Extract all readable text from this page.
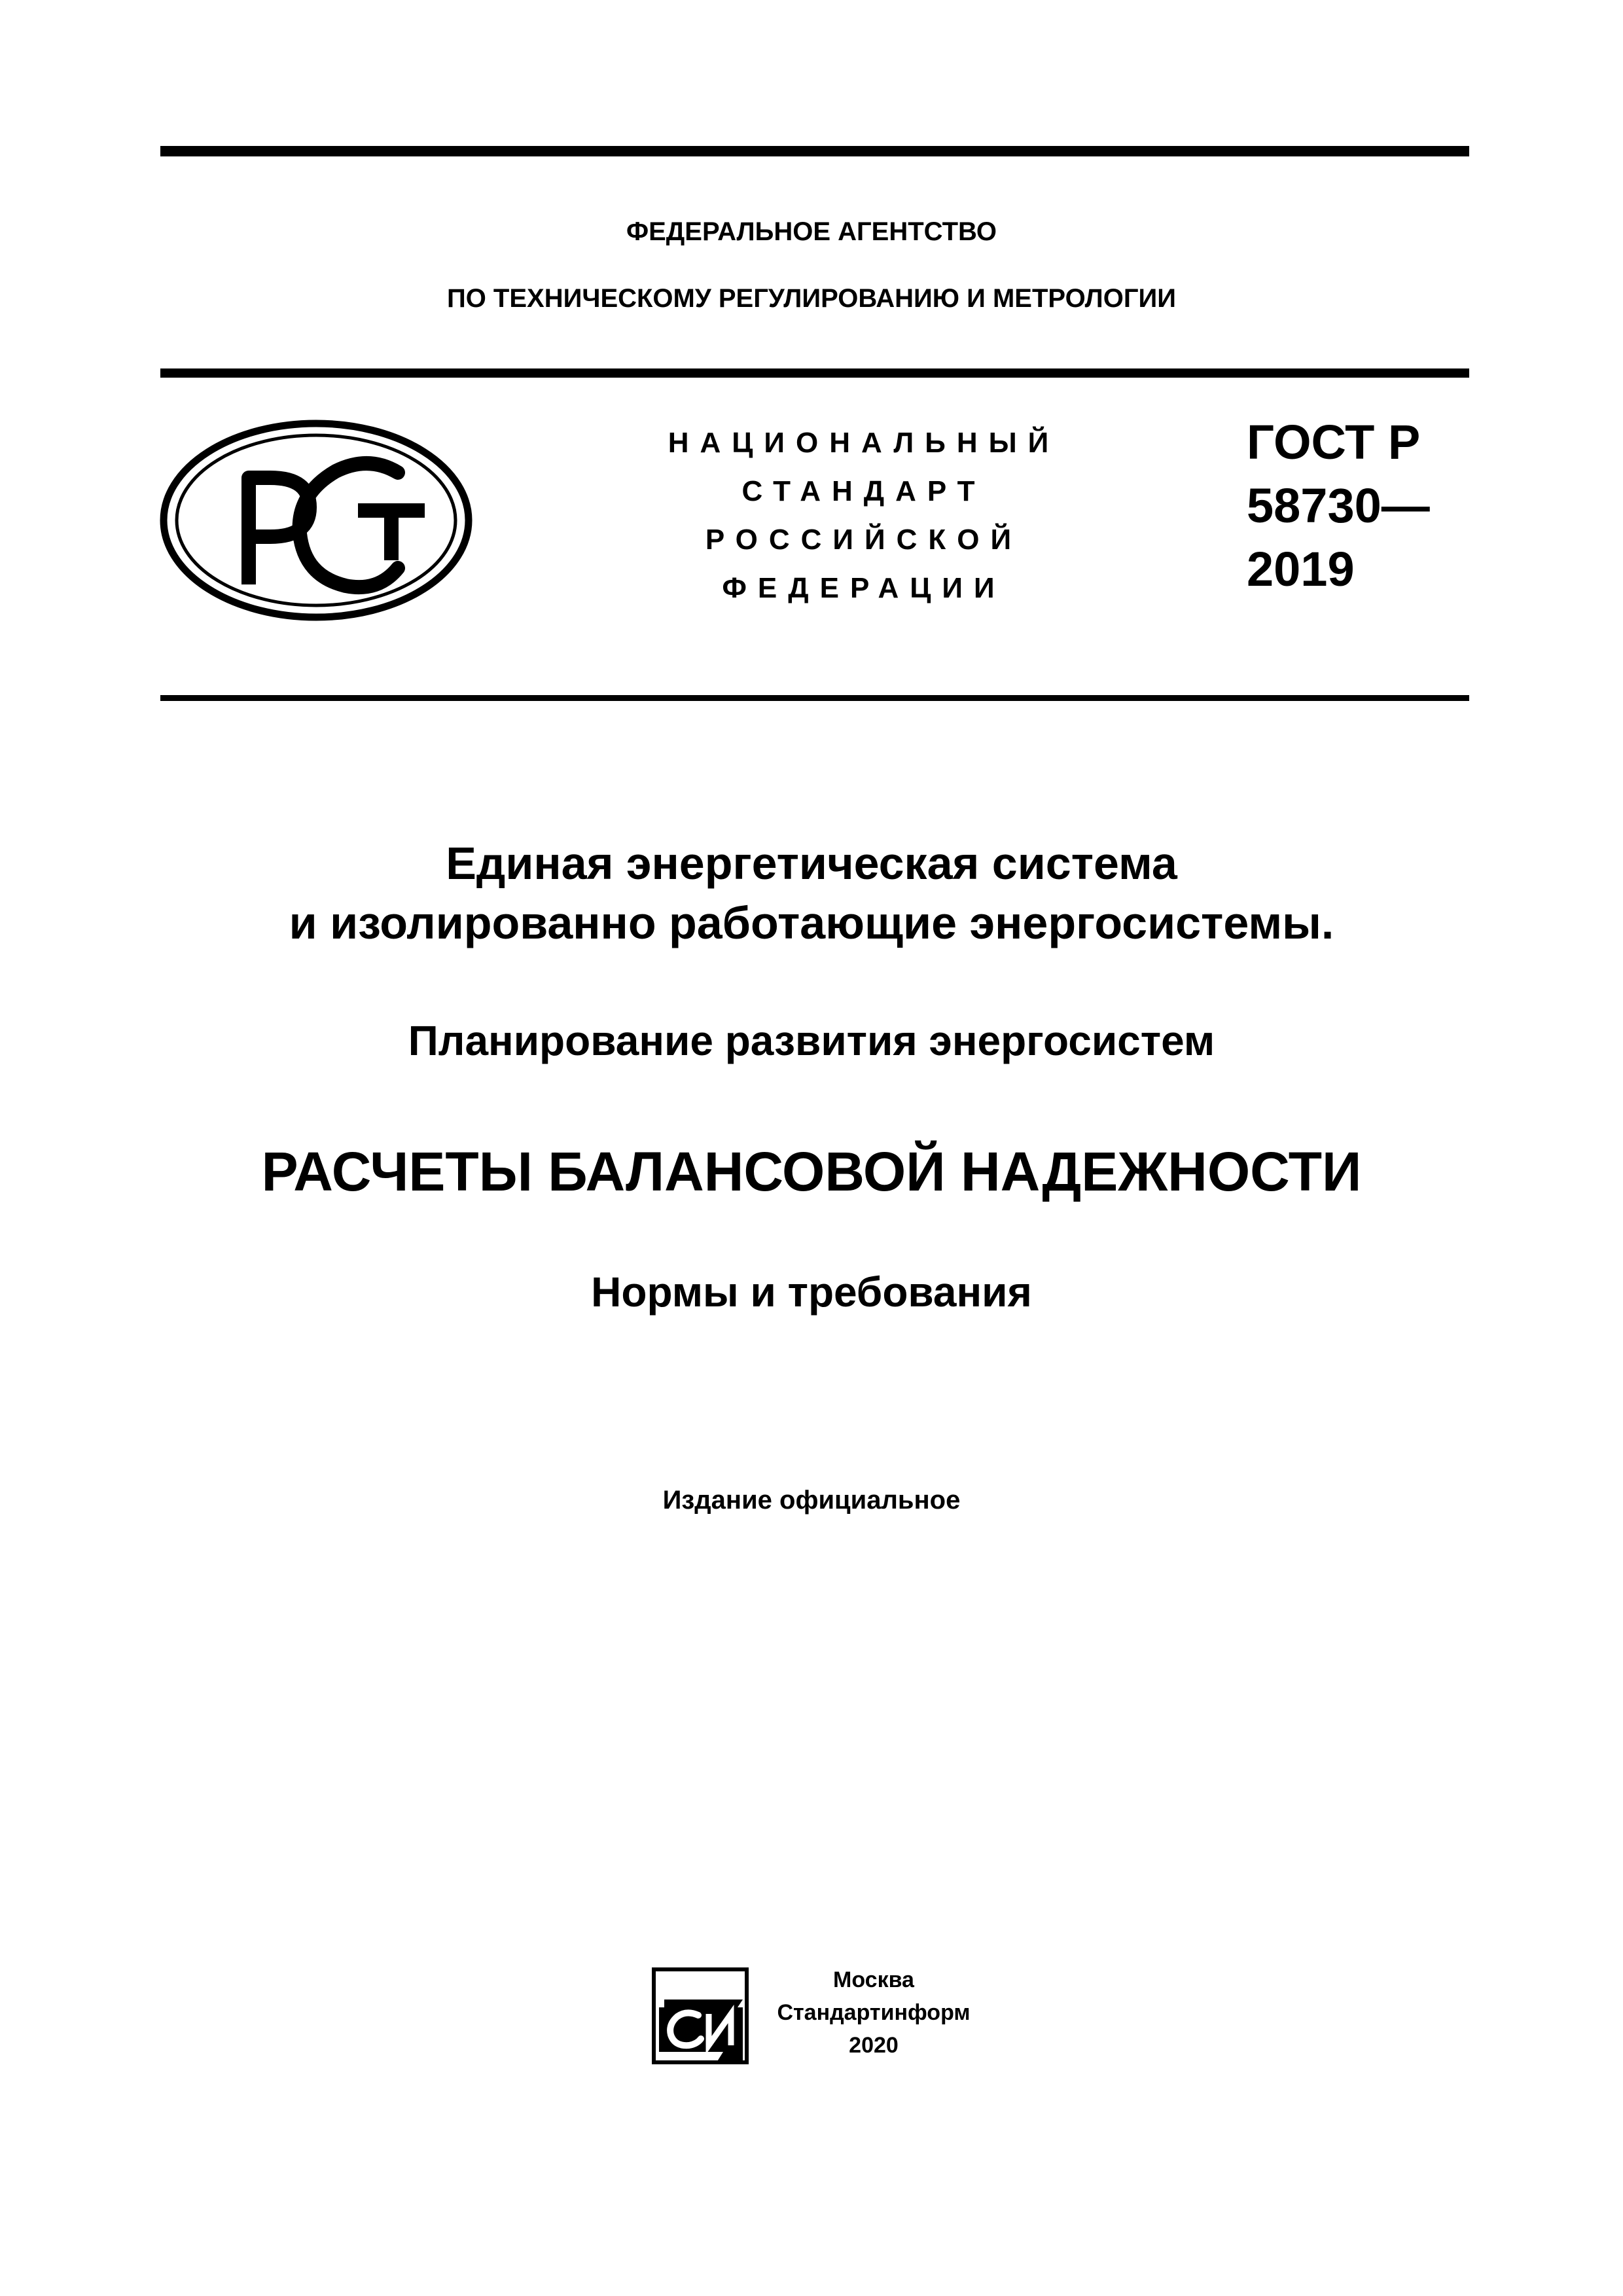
ФЕДЕРАЛЬНОЕ АГЕНТСТВО
ПО ТЕХНИЧЕСКОМУ РЕГУЛИРОВАНИЮ И МЕТРОЛОГИИ
НАЦИОНАЛЬНЫЙ
СТАНДАРТ
РОССИЙСКОЙ
ФЕДЕРАЦИИ
ГОСТ Р
58730—
2019
Единая энергетическая система
и изолированно работающие энергосистемы.
Планирование развития энергосистем
РАСЧЕТЫ БАЛАНСОВОЙ НАДЕЖНОСТИ
Нормы и требования
Издание официальное
Москва
Стандартинформ
2020
